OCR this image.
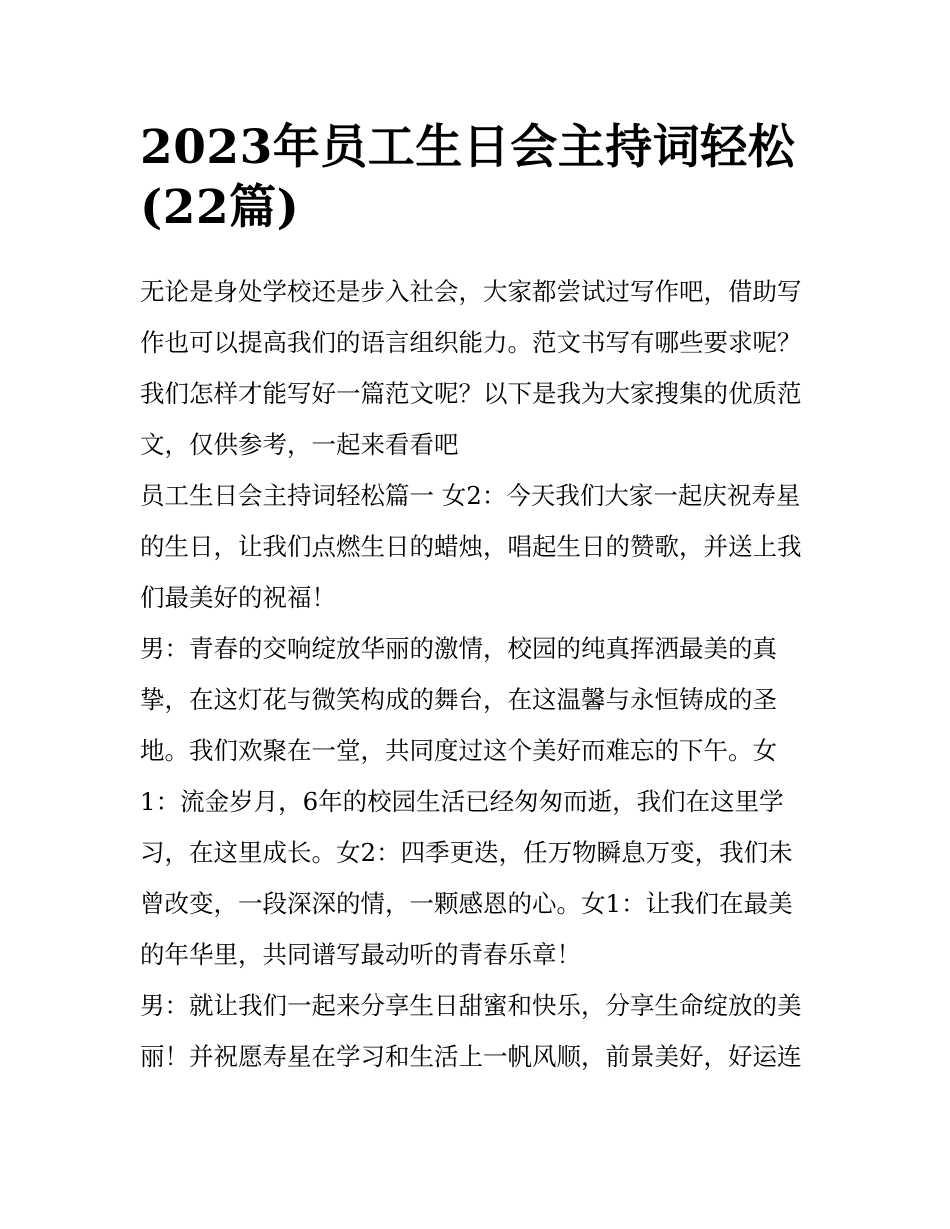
2023年员工生日会主持词轻松
(22篇)

无论是身处学校还是步入社会，大家都尝试过写作吧，借助写
作也可以提高我们的语言组织能力。范文书写有哪些要求呢？
我们怎样才能写好一篇范文呢？以下是我为大家搜集的优质范
文，仅供参考，一起来看看吧

员工生日会主持词轻松篇一 女2：今天我们大家一起庆祝寿星
的生日，让我们点燃生日的蜡烛，唱起生日的赞歌，并送上我
们最美好的祝福！

男：青春的交响绽放华丽的激情，校园的纯真挥洒最美的真
挚，在这灯花与微笑构成的舞台，在这温馨与永恒铸成的圣
地。我们欢聚在一堂，共同度过这个美好而难忘的下午。女
1：流金岁月，6年的校园生活已经匆匆而逝，我们在这里学
习，在这里成长。女2：四季更迭，任万物瞬息万变，我们未
曾改变，一段深深的情，一颗感恩的心。女1：让我们在最美
的年华里，共同谱写最动听的青春乐章！

男：就让我们一起来分享生日甜蜜和快乐，分享生命绽放的美
丽！并祝愿寿星在学习和生活上一帆风顺，前景美好，好运连
